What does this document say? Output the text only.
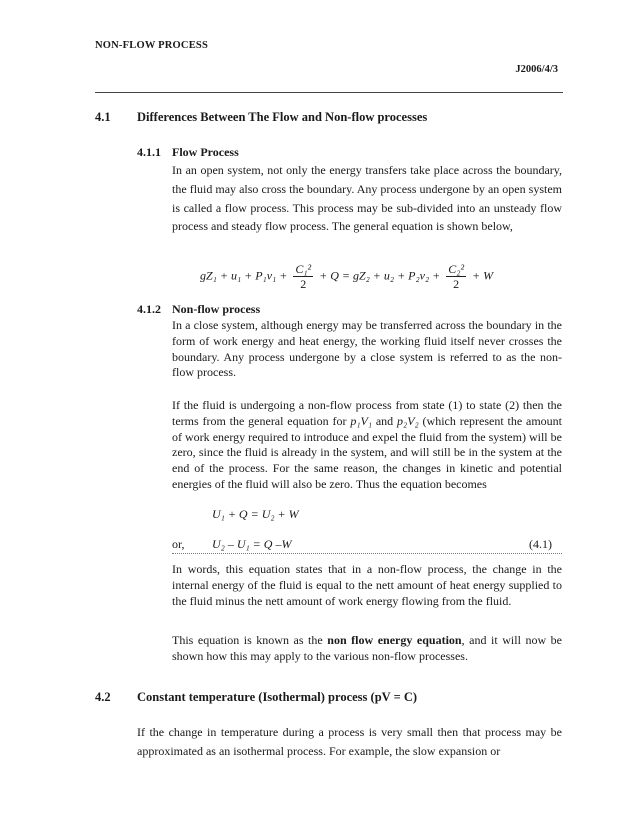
NON-FLOW PROCESS
J2006/4/3
4.1 Differences Between The Flow and Non-flow processes
4.1.1 Flow Process
In an open system, not only the energy transfers take place across the boundary, the fluid may also cross the boundary. Any process undergone by an open system is called a flow process. This process may be sub-divided into an unsteady flow process and steady flow process. The general equation is shown below,
$gZ_1 + u_1 + P_1v_1 + \frac{\text{C₁²}}{2} + Q = gZ_2 + u_2 + P_2v_2 + \frac{\text{C₂²}}{2} + W$
4.1.2 Non-flow process
In a close system, although energy may be transferred across the boundary in the form of work energy and heat energy, the working fluid itself never crosses the boundary. Any process undergone by a close system is referred to as the non-flow process.
If the fluid is undergoing a non-flow process from state (1) to state (2) then the terms from the general equation for p₁V₁ and p₂V₂ (which represent the amount of work energy required to introduce and expel the fluid from the system) will be zero, since the fluid is already in the system, and will still be in the system at the end of the process. For the same reason, the changes in kinetic and potential energies of the fluid will also be zero. Thus the equation becomes
U₁ + Q = U₂ + W
or, U₂ – U₁ = Q –W	(4.1)
In words, this equation states that in a non-flow process, the change in the internal energy of the fluid is equal to the nett amount of heat energy supplied to the fluid minus the nett amount of work energy flowing from the fluid.
This equation is known as the non flow energy equation, and it will now be shown how this may apply to the various non-flow processes.
4.2 Constant temperature (Isothermal) process (pV = C)
If the change in temperature during a process is very small then that process may be approximated as an isothermal process. For example, the slow expansion or
